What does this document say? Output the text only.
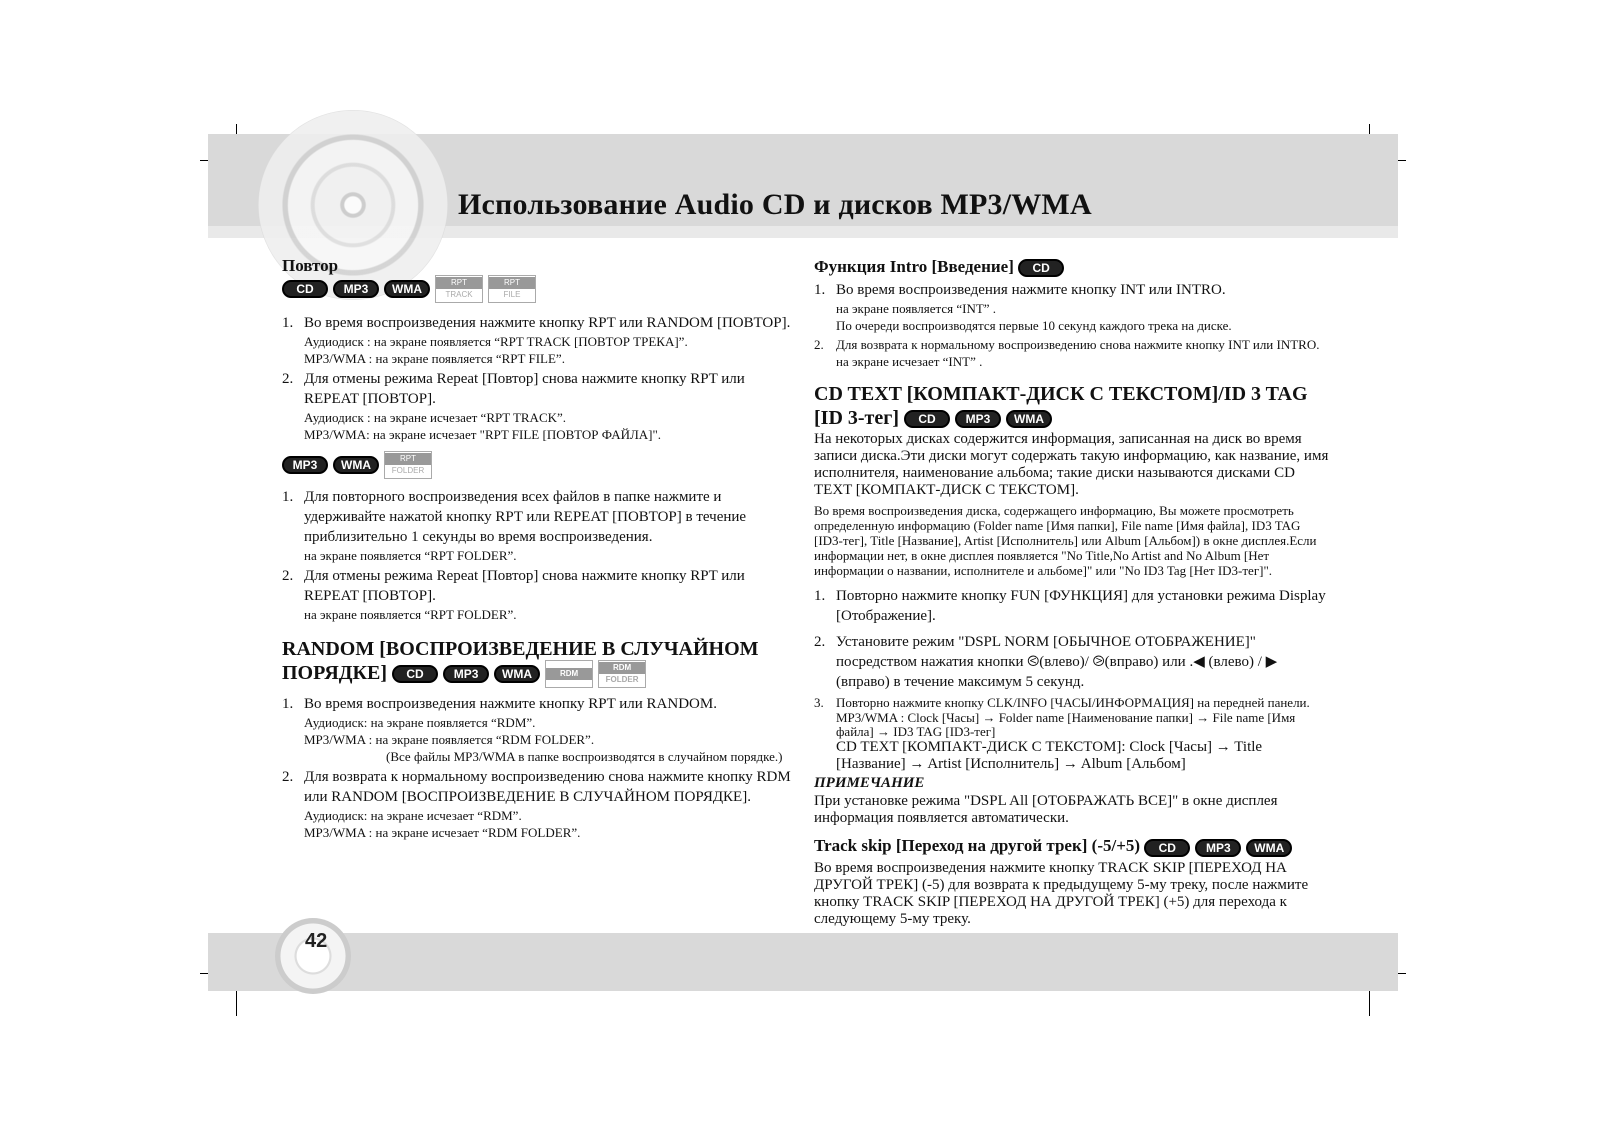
Использование Audio CD и дисков MP3/WMA
42
Повтор
CD	MP3	WMA	RPT
TRACK
RPT
FILE
1. Во время воспроизведения нажмите кнопку RPT или RANDOM [ПОВТОР].
Аудиодиск : на экране появляется “RPT TRACK [ПОВТОР ТРЕКА]”.
MP3/WMA : на экране появляется “RPT FILE”.
2. Для отмены режима Repeat [Повтор] снова нажмите кнопку RPT или REPEAT [ПОВТОР].
Аудиодиск : на экране исчезает “RPT TRACK”.
MP3/WMA: на экране исчезает "RPT FILE [ПОВТОР ФАЙЛА]".
MP3	WMA	RPT
FOLDER
1. Для повторного воспроизведения всех файлов в папке нажмите и удерживайте нажатой кнопку RPT или REPEAT [ПОВТОР] в течение приблизительно 1 секунды во время воспроизведения.
на экране появляется “RPT FOLDER”.
2. Для отмены режима Repeat [Повтор] снова нажмите кнопку RPT или REPEAT [ПОВТОР].
на экране появляется “RPT FOLDER”.
RANDOM [ВОСПРОИЗВЕДЕНИЕ В СЛУЧАЙНОМ ПОРЯДКЕ]	CD	MP3	WMA	RDM
RDM
FOLDER
1. Во время воспроизведения нажмите кнопку RPT или RANDOM.
Аудиодиск: на экране появляется “RDM”.
MP3/WMA : на экране появляется “RDM FOLDER”.
(Все файлы MP3/WMA в папке воспроизводятся в случайном порядке.)
2. Для возврата к нормальному воспроизведению снова нажмите кнопку RDM или RANDOM [ВОСПРОИЗВЕДЕНИЕ В СЛУЧАЙНОМ ПОРЯДКЕ].
Аудиодиск: на экране исчезает “RDM”.
MP3/WMA : на экране исчезает “RDM FOLDER”.
Функция Intro [Введение] CD
1. Во время воспроизведения нажмите кнопку INT или INTRO.
на экране появляется “INT” .
По очереди воспроизводятся первые 10 секунд каждого трека на диске.
2. Для возврата к нормальному воспроизведению снова нажмите кнопку INT или INTRO.
на экране исчезает “INT” .
CD TEXT [КОМПАКТ-ДИСК С ТЕКСТОМ]/ID 3 TAG [ID 3-тег]	CD	MP3	WMA

На некоторых дисках содержится информация, записанная на диск во время записи диска.Эти диски могут содержать такую информацию, как название, имя исполнителя, наименование альбома; такие диски называются дисками CD TEXT [КОМПАКТ-ДИСК С ТЕКСТОМ].

Во время воспроизведения диска, содержащего информацию, Вы можете просмотреть определенную информацию (Folder name [Имя папки], File name [Имя файла], ID3 TAG [ID3-тег], Title [Название], Artist [Исполнитель] или Album [Альбом]) в окне дисплея.Если информации нет, в окне дисплея появляется "No Title,No Artist and No Album [Нет информации о названии, исполнителе и альбоме]" или "No ID3 Tag [Нет ID3-тег]".

1. Повторно нажмите кнопку FUN [ФУНКЦИЯ] для установки режима Display [Отображение].
2. Установите режим "DSPL NORM [ОБЫЧНОЕ ОТОБРАЖЕНИЕ]" посредством нажатия кнопки ⧀(влево)/ ⧁(вправо) или .◀ (влево) / ▶ (вправо) в течение максимум 5 секунд.
3. Повторно нажмите кнопку CLK/INFO [ЧАСЫ/ИНФОРМАЦИЯ] на передней панели.
MP3/WMA : Clock [Часы] → Folder name [Наименование папки] → File name [Имя файла] → ID3 TAG [ID3-тег]
CD TEXT [КОМПАКТ-ДИСК С ТЕКСТОМ]: Clock [Часы] → Title [Название] → Artist [Исполнитель] → Album [Альбом]
ПРИМЕЧАНИЕ

При установке режима "DSPL All [ОТОБРАЖАТЬ ВСЕ]" в окне дисплея информация появляется автоматически.

Track skip [Переход на другой трек] (-5/+5)	CD	MP3	WMA

Во время воспроизведения нажмите кнопку TRACK SKIP [ПЕРЕХОД НА ДРУГОЙ ТРЕК] (-5) для возврата к предыдущему 5-му треку, после нажмите кнопку TRACK SKIP [ПЕРЕХОД НА ДРУГОЙ ТРЕК] (+5) для перехода к следующему 5-му треку.
